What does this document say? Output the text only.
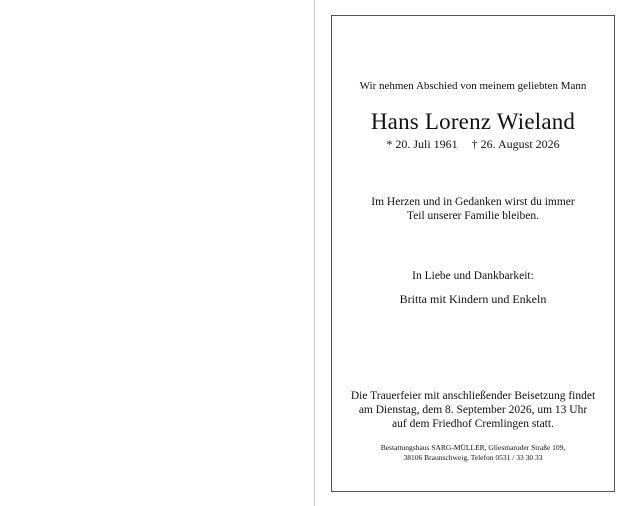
Wir nehmen Abschied von meinem geliebten Mann
Hans Lorenz Wieland
* 20. Juli 1961 † 26. August 2026
Im Herzen und in Gedanken wirst du immer
Teil unserer Familie bleiben.
In Liebe und Dankbarkeit:
Britta mit Kindern und Enkeln
Die Trauerfeier mit anschließender Beisetzung findet
am Dienstag, dem 8. September 2026, um 13 Uhr
auf dem Friedhof Cremlingen statt.
Bestattungshaus SARG-MÜLLER, Gliesmaroder Straße 109,
38106 Braunschweig, Telefon 0531 / 33 30 33
